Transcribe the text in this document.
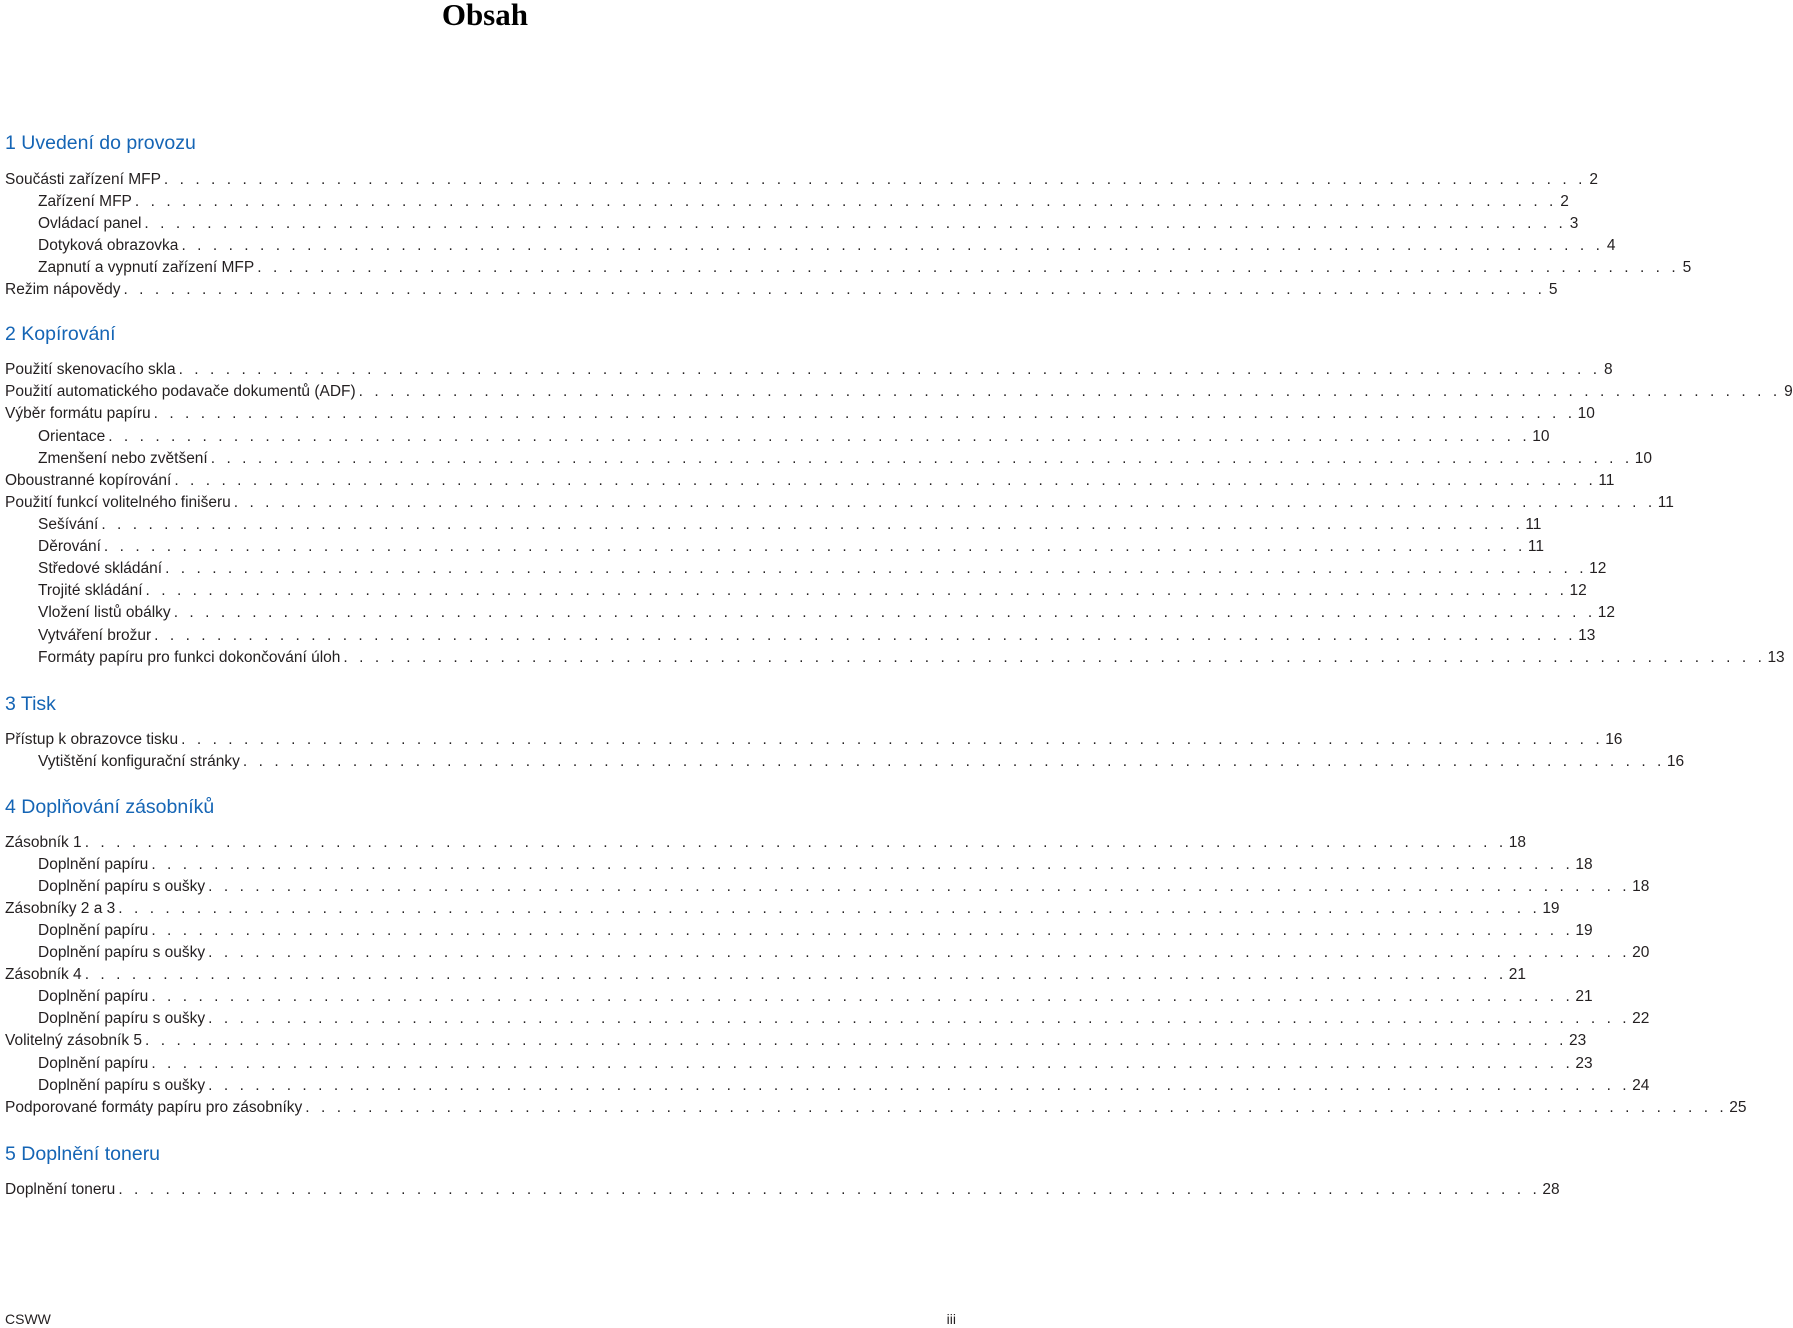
Obsah
1 Uvedení do provozu
Součásti zařízení MFP . . . . . . . . . . . . . . . . . . . . . . . . . . . . . . . . . . . . . . . . . . . . . . . . . . . . . . . . . . . . . . . . . . . . . . . . . . . . . . . . . . . . . . . . . . . 2
Zařízení MFP . . . . . . . . . . . . . . . . . . . . . . . . . . . . . . . . . . . . . . . . . . . . . . . . . . . . . . . . . . . . . . . . . . . . . . . . . . . . . . . . . . . . . . . . . . . 2
Ovládací panel . . . . . . . . . . . . . . . . . . . . . . . . . . . . . . . . . . . . . . . . . . . . . . . . . . . . . . . . . . . . . . . . . . . . . . . . . . . . . . . . . . . . . . . . . . . 3
Dotyková obrazovka . . . . . . . . . . . . . . . . . . . . . . . . . . . . . . . . . . . . . . . . . . . . . . . . . . . . . . . . . . . . . . . . . . . . . . . . . . . . . . . . . . . . . . . . . . . 4
Zapnutí a vypnutí zařízení MFP . . . . . . . . . . . . . . . . . . . . . . . . . . . . . . . . . . . . . . . . . . . . . . . . . . . . . . . . . . . . . . . . . . . . . . . . . . . . . . . . . . . . . . . . . . . 5
Režim nápovědy . . . . . . . . . . . . . . . . . . . . . . . . . . . . . . . . . . . . . . . . . . . . . . . . . . . . . . . . . . . . . . . . . . . . . . . . . . . . . . . . . . . . . . . . . . . 5
2 Kopírování
Použití skenovacího skla . . . . . . . . . . . . . . . . . . . . . . . . . . . . . . . . . . . . . . . . . . . . . . . . . . . . . . . . . . . . . . . . . . . . . . . . . . . . . . . . . . . . . . . . . . . 8
Použití automatického podavače dokumentů (ADF) . . . . . . . . . . . . . . . . . . . . . . . . . . . . . . . . . . . . . . . . . . . . . . . . . . . . . . . . . . . . . . . . . . . . . . . . . . . . . . . . . . . . . . . . . . . 9
Výběr formátu papíru . . . . . . . . . . . . . . . . . . . . . . . . . . . . . . . . . . . . . . . . . . . . . . . . . . . . . . . . . . . . . . . . . . . . . . . . . . . . . . . . . . . . . . . . . . . 10
Orientace . . . . . . . . . . . . . . . . . . . . . . . . . . . . . . . . . . . . . . . . . . . . . . . . . . . . . . . . . . . . . . . . . . . . . . . . . . . . . . . . . . . . . . . . . . . 10
Zmenšení nebo zvětšení . . . . . . . . . . . . . . . . . . . . . . . . . . . . . . . . . . . . . . . . . . . . . . . . . . . . . . . . . . . . . . . . . . . . . . . . . . . . . . . . . . . . . . . . . . . 10
Oboustranné kopírování . . . . . . . . . . . . . . . . . . . . . . . . . . . . . . . . . . . . . . . . . . . . . . . . . . . . . . . . . . . . . . . . . . . . . . . . . . . . . . . . . . . . . . . . . . . 11
Použití funkcí volitelného finišeru . . . . . . . . . . . . . . . . . . . . . . . . . . . . . . . . . . . . . . . . . . . . . . . . . . . . . . . . . . . . . . . . . . . . . . . . . . . . . . . . . . . . . . . . . . . 11
Sešívání . . . . . . . . . . . . . . . . . . . . . . . . . . . . . . . . . . . . . . . . . . . . . . . . . . . . . . . . . . . . . . . . . . . . . . . . . . . . . . . . . . . . . . . . . . . 11
Děrování . . . . . . . . . . . . . . . . . . . . . . . . . . . . . . . . . . . . . . . . . . . . . . . . . . . . . . . . . . . . . . . . . . . . . . . . . . . . . . . . . . . . . . . . . . . 11
Středové skládání . . . . . . . . . . . . . . . . . . . . . . . . . . . . . . . . . . . . . . . . . . . . . . . . . . . . . . . . . . . . . . . . . . . . . . . . . . . . . . . . . . . . . . . . . . . 12
Trojité skládání . . . . . . . . . . . . . . . . . . . . . . . . . . . . . . . . . . . . . . . . . . . . . . . . . . . . . . . . . . . . . . . . . . . . . . . . . . . . . . . . . . . . . . . . . . . 12
Vložení listů obálky . . . . . . . . . . . . . . . . . . . . . . . . . . . . . . . . . . . . . . . . . . . . . . . . . . . . . . . . . . . . . . . . . . . . . . . . . . . . . . . . . . . . . . . . . . . 12
Vytváření brožur . . . . . . . . . . . . . . . . . . . . . . . . . . . . . . . . . . . . . . . . . . . . . . . . . . . . . . . . . . . . . . . . . . . . . . . . . . . . . . . . . . . . . . . . . . . 13
Formáty papíru pro funkci dokončování úloh . . . . . . . . . . . . . . . . . . . . . . . . . . . . . . . . . . . . . . . . . . . . . . . . . . . . . . . . . . . . . . . . . . . . . . . . . . . . . . . . . . . . . . . . . . . 13
3 Tisk
Přístup k obrazovce tisku . . . . . . . . . . . . . . . . . . . . . . . . . . . . . . . . . . . . . . . . . . . . . . . . . . . . . . . . . . . . . . . . . . . . . . . . . . . . . . . . . . . . . . . . . . . 16
Vytištění konfigurační stránky . . . . . . . . . . . . . . . . . . . . . . . . . . . . . . . . . . . . . . . . . . . . . . . . . . . . . . . . . . . . . . . . . . . . . . . . . . . . . . . . . . . . . . . . . . . 16
4 Doplňování zásobníků
Zásobník 1 . . . . . . . . . . . . . . . . . . . . . . . . . . . . . . . . . . . . . . . . . . . . . . . . . . . . . . . . . . . . . . . . . . . . . . . . . . . . . . . . . . . . . . . . . . . 18
Doplnění papíru . . . . . . . . . . . . . . . . . . . . . . . . . . . . . . . . . . . . . . . . . . . . . . . . . . . . . . . . . . . . . . . . . . . . . . . . . . . . . . . . . . . . . . . . . . . 18
Doplnění papíru s oušky . . . . . . . . . . . . . . . . . . . . . . . . . . . . . . . . . . . . . . . . . . . . . . . . . . . . . . . . . . . . . . . . . . . . . . . . . . . . . . . . . . . . . . . . . . . 18
Zásobníky 2 a 3 . . . . . . . . . . . . . . . . . . . . . . . . . . . . . . . . . . . . . . . . . . . . . . . . . . . . . . . . . . . . . . . . . . . . . . . . . . . . . . . . . . . . . . . . . . . 19
Doplnění papíru . . . . . . . . . . . . . . . . . . . . . . . . . . . . . . . . . . . . . . . . . . . . . . . . . . . . . . . . . . . . . . . . . . . . . . . . . . . . . . . . . . . . . . . . . . . 19
Doplnění papíru s oušky . . . . . . . . . . . . . . . . . . . . . . . . . . . . . . . . . . . . . . . . . . . . . . . . . . . . . . . . . . . . . . . . . . . . . . . . . . . . . . . . . . . . . . . . . . . 20
Zásobník 4 . . . . . . . . . . . . . . . . . . . . . . . . . . . . . . . . . . . . . . . . . . . . . . . . . . . . . . . . . . . . . . . . . . . . . . . . . . . . . . . . . . . . . . . . . . . 21
Doplnění papíru . . . . . . . . . . . . . . . . . . . . . . . . . . . . . . . . . . . . . . . . . . . . . . . . . . . . . . . . . . . . . . . . . . . . . . . . . . . . . . . . . . . . . . . . . . . 21
Doplnění papíru s oušky . . . . . . . . . . . . . . . . . . . . . . . . . . . . . . . . . . . . . . . . . . . . . . . . . . . . . . . . . . . . . . . . . . . . . . . . . . . . . . . . . . . . . . . . . . . 22
Volitelný zásobník 5 . . . . . . . . . . . . . . . . . . . . . . . . . . . . . . . . . . . . . . . . . . . . . . . . . . . . . . . . . . . . . . . . . . . . . . . . . . . . . . . . . . . . . . . . . . . 23
Doplnění papíru . . . . . . . . . . . . . . . . . . . . . . . . . . . . . . . . . . . . . . . . . . . . . . . . . . . . . . . . . . . . . . . . . . . . . . . . . . . . . . . . . . . . . . . . . . . 23
Doplnění papíru s oušky . . . . . . . . . . . . . . . . . . . . . . . . . . . . . . . . . . . . . . . . . . . . . . . . . . . . . . . . . . . . . . . . . . . . . . . . . . . . . . . . . . . . . . . . . . . 24
Podporované formáty papíru pro zásobníky . . . . . . . . . . . . . . . . . . . . . . . . . . . . . . . . . . . . . . . . . . . . . . . . . . . . . . . . . . . . . . . . . . . . . . . . . . . . . . . . . . . . . . . . . . . 25
5 Doplnění toneru
Doplnění toneru . . . . . . . . . . . . . . . . . . . . . . . . . . . . . . . . . . . . . . . . . . . . . . . . . . . . . . . . . . . . . . . . . . . . . . . . . . . . . . . . . . . . . . . . . . . 28
CSWW	iii
